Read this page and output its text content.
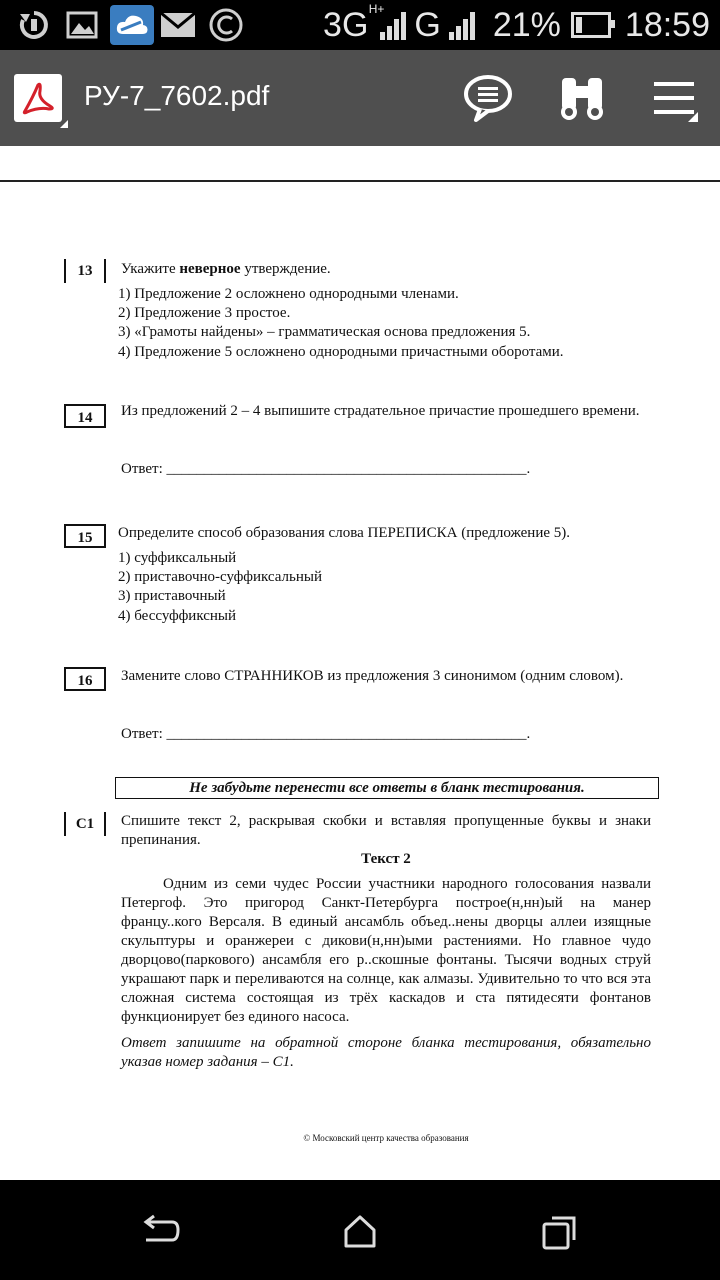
3G H+ G 21% 18:59
РУ-7_7602.pdf
13	Укажите неверное утверждение.
1) Предложение 2 осложнено однородными членами.
2) Предложение 3 простое.
3) «Грамоты найдены» – грамматическая основа предложения 5.
4) Предложение 5 осложнено однородными причастными оборотами.
14	Из предложений 2 – 4 выпишите страдательное причастие прошедшего времени.
Ответ: ________________________________________________.
15	Определите способ образования слова ПЕРЕПИСКА (предложение 5).
1) суффиксальный
2) приставочно-суффиксальный
3) приставочный
4) бессуффиксный
16	Замените слово СТРАННИКОВ из предложения 3 синонимом (одним словом).
Ответ: ________________________________________________.
Не забудьте перенести все ответы в бланк тестирования.
С1	Спишите текст 2, раскрывая скобки и вставляя пропущенные буквы и знаки препинания.
Текст 2
Одним из семи чудес России участники народного голосования назвали Петергоф. Это пригород Санкт-Петербурга построе(н,нн)ый на манер францу..кого Версаля. В единый ансамбль объед..нены дворцы аллеи изящные скульптуры и оранжереи с дикови(н,нн)ыми растениями. Но главное чудо дворцово(паркового) ансамбля его р..скошные фонтаны. Тысячи водных струй украшают парк и переливаются на солнце, как алмазы. Удивительно то что вся эта сложная система состоящая из трёх каскадов и ста пятидесяти фонтанов функционирует без единого насоса.
Ответ запишите на обратной стороне бланка тестирования, обязательно указав номер задания – С1.
© Московский центр качества образования
